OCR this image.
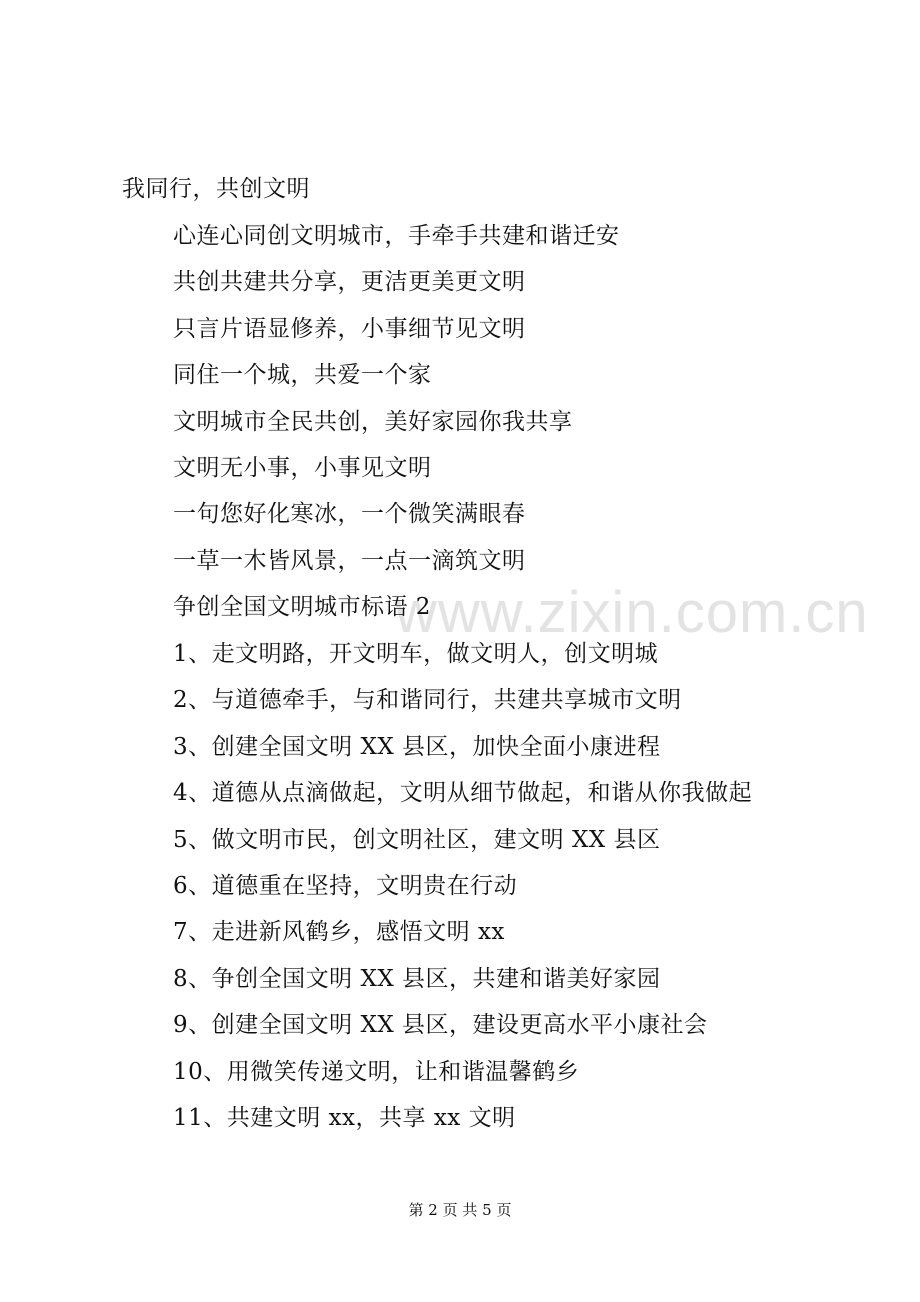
www.zixin.com.cn
我同行，共创文明
心连心同创文明城市，手牵手共建和谐迁安
共创共建共分享，更洁更美更文明
只言片语显修养，小事细节见文明
同住一个城，共爱一个家
文明城市全民共创，美好家园你我共享
文明无小事，小事见文明
一句您好化寒冰，一个微笑满眼春
一草一木皆风景，一点一滴筑文明
争创全国文明城市标语 2
1、走文明路，开文明车，做文明人，创文明城
2、与道德牵手，与和谐同行，共建共享城市文明
3、创建全国文明 XX 县区，加快全面小康进程
4、道德从点滴做起，文明从细节做起，和谐从你我做起
5、做文明市民，创文明社区，建文明 XX 县区
6、道德重在坚持，文明贵在行动
7、走进新风鹤乡，感悟文明 xx
8、争创全国文明 XX 县区，共建和谐美好家园
9、创建全国文明 XX 县区，建设更高水平小康社会
10、用微笑传递文明，让和谐温馨鹤乡
11、共建文明 xx，共享 xx 文明
第 2 页 共 5 页
